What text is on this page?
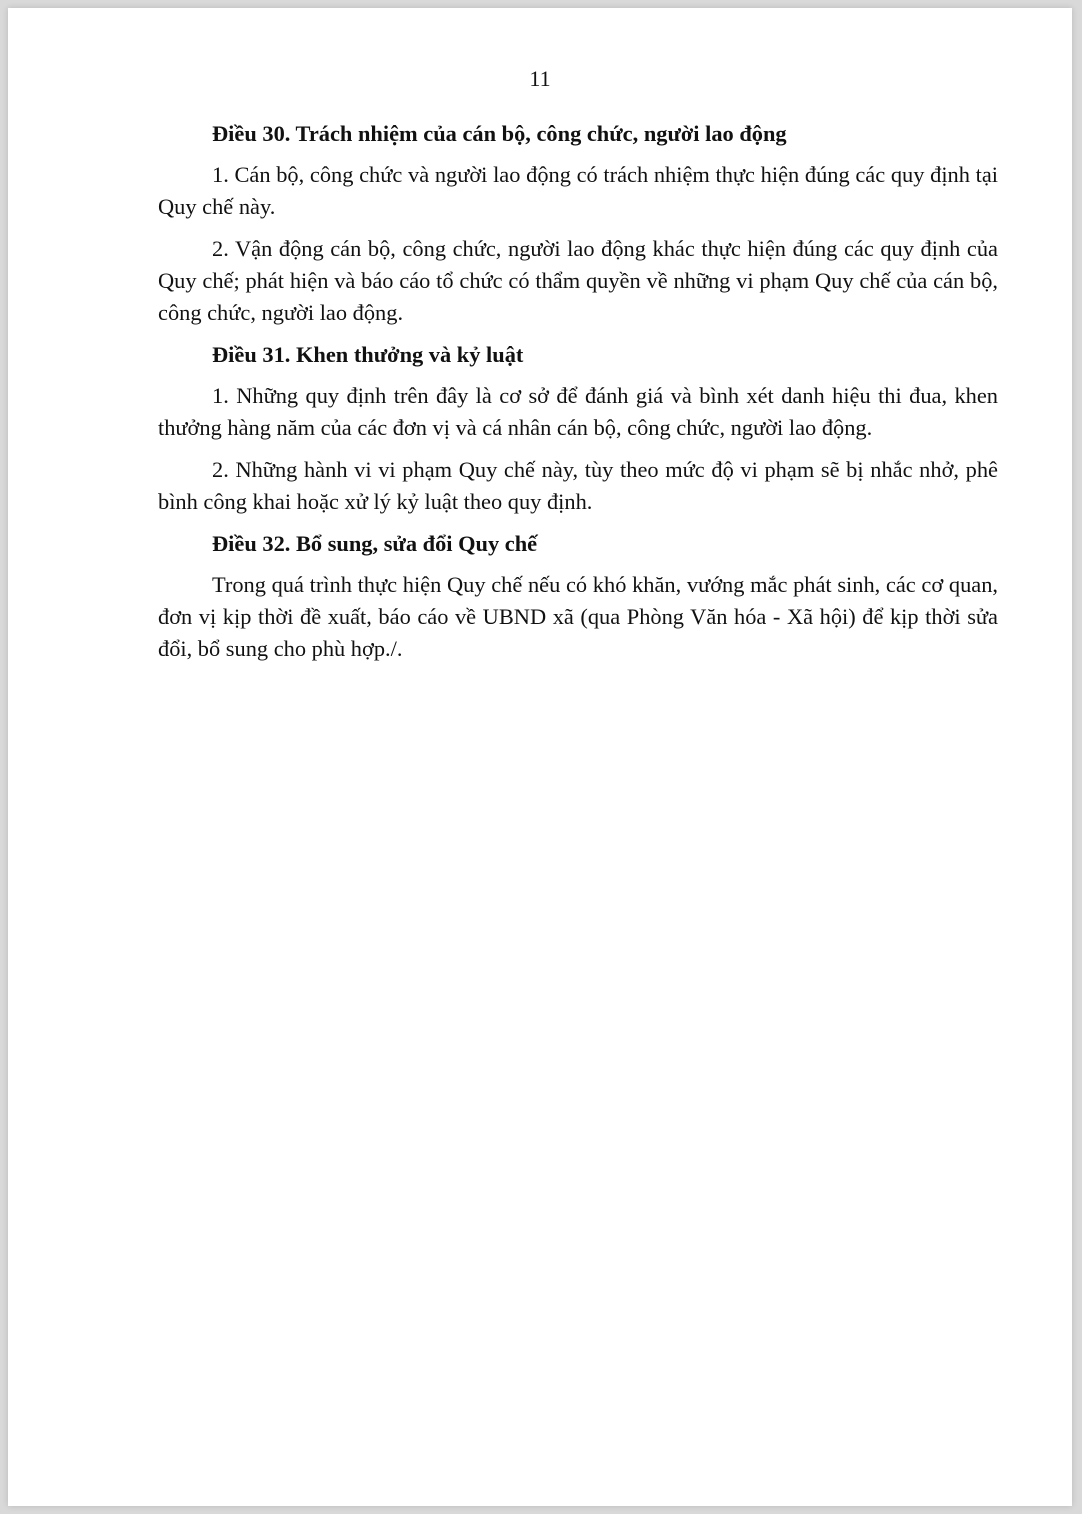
11

Điều 30. Trách nhiệm của cán bộ, công chức, người lao động

1. Cán bộ, công chức và người lao động có trách nhiệm thực hiện đúng các quy định tại Quy chế này.

2. Vận động cán bộ, công chức, người lao động khác thực hiện đúng các quy định của Quy chế; phát hiện và báo cáo tổ chức có thẩm quyền về những vi phạm Quy chế của cán bộ, công chức, người lao động.

Điều 31. Khen thưởng và kỷ luật

1. Những quy định trên đây là cơ sở để đánh giá và bình xét danh hiệu thi đua, khen thưởng hàng năm của các đơn vị và cá nhân cán bộ, công chức, người lao động.

2. Những hành vi vi phạm Quy chế này, tùy theo mức độ vi phạm sẽ bị nhắc nhở, phê bình công khai hoặc xử lý kỷ luật theo quy định.

Điều 32. Bổ sung, sửa đổi Quy chế

Trong quá trình thực hiện Quy chế nếu có khó khăn, vướng mắc phát sinh, các cơ quan, đơn vị kịp thời đề xuất, báo cáo về UBND xã (qua Phòng Văn hóa - Xã hội) để kịp thời sửa đổi, bổ sung cho phù hợp./.
